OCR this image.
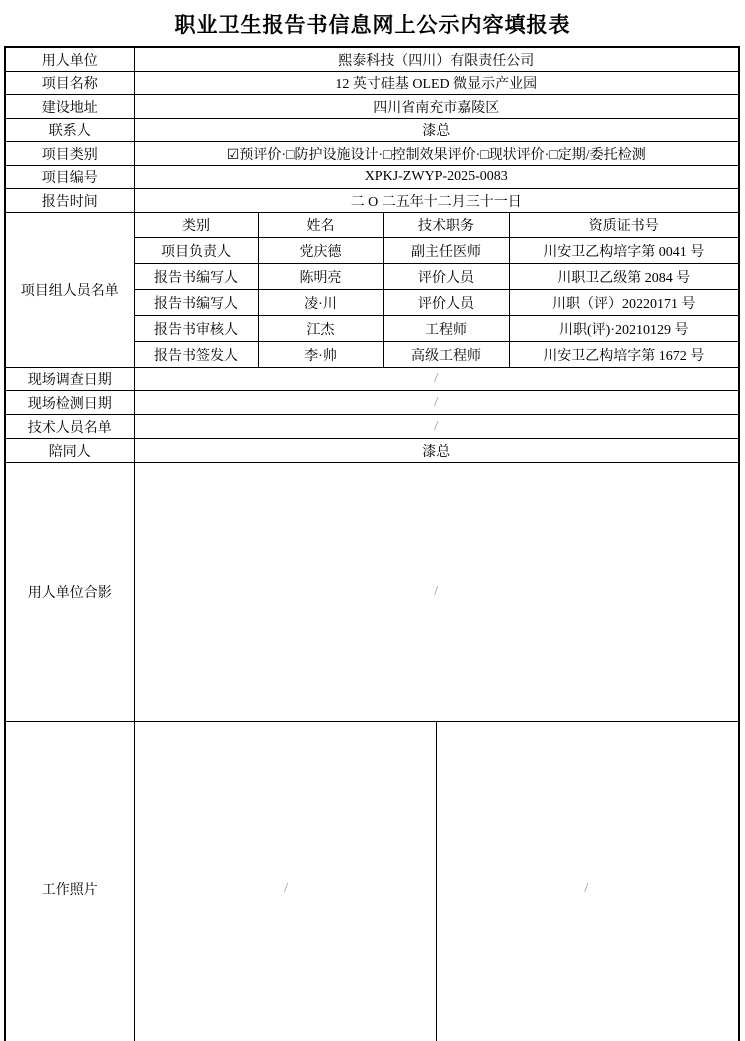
职业卫生报告书信息网上公示内容填报表
用人单位	熙泰科技（四川）有限责任公司			
项目名称	12 英寸硅基 OLED 微显示产业园			
建设地址	四川省南充市嘉陵区			
联系人	漆总			
项目类别	☑预评价·□防护设施设计·□控制效果评价·□现状评价·□定期/委托检测			
项目编号	XPKJ-ZWYP-2025-0083			
报告时间	二 O 二五年十二月三十一日			
项目组人员名单	类别	姓名	技术职务	资质证书号
	项目负责人	党庆德	副主任医师	川安卫乙构培字第 0041 号
	报告书编写人	陈明亮	评价人员	川职卫乙级第 2084 号
	报告书编写人	凌·川	评价人员	川职（评）20220171 号
	报告书审核人	江杰	工程师	川职(评)·20210129 号
	报告书签发人	李·帅	高级工程师	川安卫乙构培字第 1672 号
现场调查日期	/			
现场检测日期	/			
技术人员名单	/			
陪同人	漆总			
用人单位合影	/			
工作照片	/ /			
